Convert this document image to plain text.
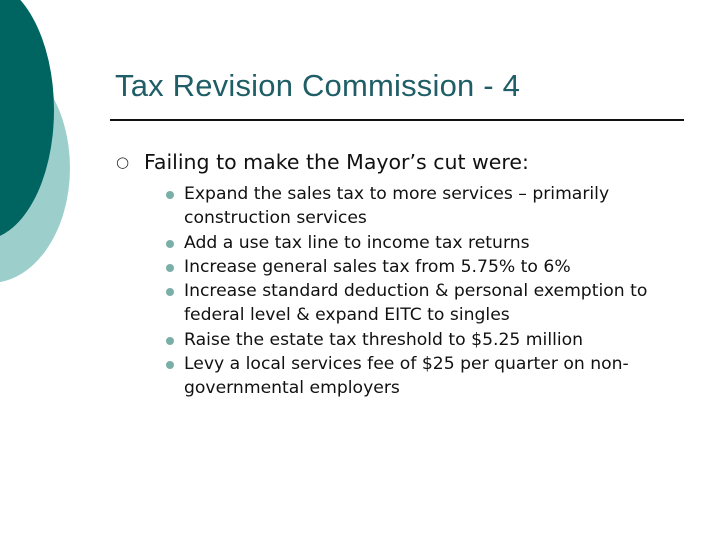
Tax Revision Commission - 4
○ Failing to make the Mayor’s cut were:
Expand the sales tax to more services – primarily construction services
Add a use tax line to income tax returns
Increase general sales tax from 5.75% to 6%
Increase standard deduction & personal exemption to federal level & expand EITC to singles
Raise the estate tax threshold to $5.25 million
Levy a local services fee of $25 per quarter on non-governmental employers
